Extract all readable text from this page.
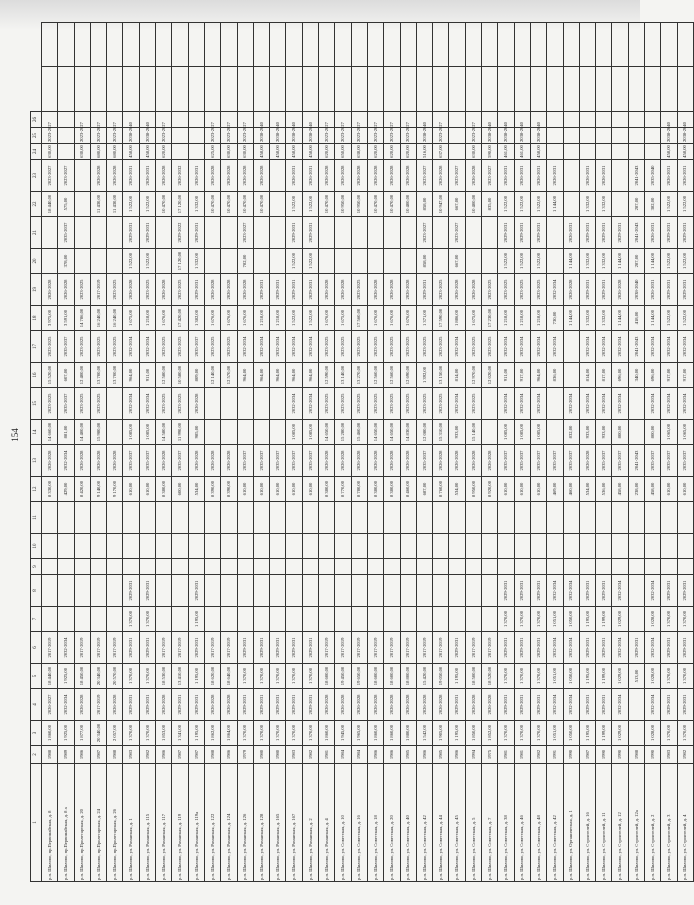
154
1	2	3	4	5	6	7	8	9	10	11	12	13	14	15	16	17	18	19	20	21	22	23	24	25	26		
р.п. Шилово, пр.Первомайская, д. 8	1988	1 860,00	2026-2027	18 440,00	2017-2019						8 330,00	2026-2028	14 660,00	2023-2025	15 520,00	2023-2025	3 975,00	2026-2028			18 440,00	2023-2027	630,00	2023-2027			
р.п. Шилово, пр.Первомайская, д. 8 а	1989	1 925,00	2032-2034	1 925,00	2032-2034						429,00	2032-2034	881,00	2035-2037	607,00	2035-2037	3 591,00	2026-2028	378,00	2035-2037	575,00	2023-2027					
р.п. Шилово, пр.Пролетарская, д. 20	1986	1 877,00	2026-2028	18 450,00	2017-2019						8 420,00	2026-2028	14 400,00	2023-2025	12 400,00	2023-2025	14 786,00	2023-2025					630,00	2023-2027			
р.п. Шилово, пр.Пролетарская, д. 24	1987	20 340,00	2017-2019	20 340,00	2017-2019						9 140,00	2026-2028	15 980,00	2023-2025	13 700,00	2023-2025	16 240,00	2017-2019			11 430,00	2026-2028	680,00	2023-2027			
р.п. Шилово, пр.Пролетарская, д. 26	1988	2 057,00	2026-2028	20 570,00	2017-2019						9 170,00	2026-2028			13 700,00	2023-2025	16 240,00	2023-2025			11 430,00	2026-2028	680,00	2023-2027			
р.п. Шилово, ул. Рязанская, д. 1	1983	1 370,00	2029-2031	1 370,00	2029-2031	1 370,00	2029-2031				610,00	2035-2037	1 085,00	2032-2034	964,00	2032-2034	1 675,00	2026-2028	1 522,00	2029-2031	1 522,00	2026-2031	458,00	2038-2040			
р.п. Шилово, ул. Рязанская, д. 115	1982	1 370,00	2029-2031	1 370,00	2029-2031	1 370,00	2029-2031				610,00	2035-2037	1 085,00	2032-2034	911,00	2032-2034	1 218,00	2023-2025	1 522,00	2029-2031	1 522,00	2026-2031	458,00	2038-2040			
р.п. Шилово, ул. Рязанская, д. 117	1986	1 853,00	2026-2028	18 530,00	2017-2019						8 380,00	2026-2028	14 580,00	2023-2025	12 580,00	2023-2025	1 676,00	2026-2028			10 470,00	2026-2028	620,00	2023-2027			
р.п. Шилово, ул. Рязанская, д. 119	1987	1 341,00	2029-2031	13 410,00	2017-2019						600,00	2035-2037	11 990,00	2023-2025	10 580,00	2023-2025	17 420,00	2023-2025	17 120,00	2029-2022	17 120,00	2026-2032					
р.п. Шилово, ул. Рязанская, д. 119а	1987	1 195,00	2029-2031	1 195,00	2029-2031	1 195,00	2029-2031				534,00	2026-2028	985,00	2026-2028	809,00	2035-2037	1 382,00	2029-2031	1 332,00	2029-2031	1 332,00	2026-2031					
р.п. Шилово, ул. Рязанская, д. 122	1988	1 862,00	2026-2028	18 620,00	2017-2019						8 390,00	2026-2028			12 140,00	2023-2025	1 676,00	2026-2028			10 470,00	2026-2028	625,00	2023-2027			
р.п. Шилово, ул. Рязанская, д. 124	1986	1 864,00	2026-2028	18 640,00	2017-2019						8 390,00	2026-2028			12 570,00	2023-2025	1 676,00	2026-2028			10 470,00	2026-2028	630,00	2023-2027			
р.п. Шилово, ул. Рязанская, д. 126	1979	1 370,00	2029-2031	1 370,00	2029-2031						610,00	2035-2037			964,00	2032-2034	1 676,00	2026-2028	782,00	2023-2027	10 470,00	2026-2028	630,00	2023-2027			
р.п. Шилово, ул. Рязанская, д. 128	1980	1 370,00	2029-2031	1 370,00	2029-2031						610,00	2035-2037			964,00	2032-2034	1 218,00	2029-2031			10 470,00	2026-2028	458,00	2038-2040			
р.п. Шилово, ул. Рязанская, д. 165	1980	1 370,00	2029-2031	1 370,00	2029-2031						610,00	2035-2037			964,00	2032-2034	1 218,00	2029-2031					458,00	2038-2040			
р.п. Шилово, ул. Рязанская, д. 167	1983	1 370,00	2029-2031	1 370,00	2029-2031						610,00	2035-2037	1 085,00	2032-2034	964,00	2032-2034	1 522,00	2029-2031	1 522,00	2029-2031	1 522,00	2026-2031	458,00	2038-2040			
р.п. Шилово, ул. Рязанская, д. 2	1982	1 370,00	2029-2031	1 370,00	2029-2031						610,00	2035-2037	1 085,00	2032-2034	964,00	2032-2034	1 522,00	2029-2031	1 522,00	2029-2031	1 522,00	2026-2031	458,00	2038-2040			
р.п. Шилово, ул. Рязанская, д. 4	1981	1 860,00	2026-2028	18 600,00	2017-2019						8 380,00	2026-2028	14 650,00	2023-2025	12 590,00	2023-2025	1 676,00	2026-2028			10 470,00	2026-2028	620,00	2023-2027			
р.п. Шилово, ул. Советская, д. 10	1984	1 945,00	2026-2028	19 450,00	2017-2019						8 770,00	2026-2028	15 280,00	2023-2025	13 140,00	2023-2025	1 675,00	2026-2028			10 950,00	2026-2028	650,00	2023-2027			
р.п. Шилово, ул. Советская, д. 16	1984	1 965,00	2026-2028	19 650,00	2017-2019						8 780,00	2026-2028	15 460,00	2023-2025	13 270,00	2023-2025	17 560,00	2023-2025			10 950,00	2026-2028	638,00	2023-2027			
р.п. Шилово, ул. Советская, д. 18	1986	1 860,00	2026-2028	18 600,00	2017-2019						8 380,00	2026-2028	14 650,00	2023-2025	12 560,00	2023-2025	1 676,00	2026-2028			10 470,00	2026-2028	620,00	2023-2027			
р.п. Шилово, ул. Советская, д. 20	1986	1 860,00	2026-2028	18 600,00	2017-2019						8 380,00	2026-2028	14 650,00	2023-2025	12 560,00	2023-2025	1 676,00	2026-2028			10 470,00	2026-2028	620,00	2023-2027			
р.п. Шилово, ул. Советская, д. 40	1985	1 880,00	2026-2028	18 800,00	2017-2019						8 460,00	2026-2028	14 830,00	2023-2025	12 690,00	2023-2025	1 676,00	2026-2028			10 400,00	2026-2028	620,00	2023-2027			
р.п. Шилово, ул. Советская, д. 42	1986	1 542,00	2026-2028	15 420,00	2017-2019						687,00	2035-2037	12 080,00	2023-2025	1 392,00	2023-2025	1 371,00	2029-2031	858,00	2023-2027	858,00	2023-2027	516,00	2038-2040			
р.п. Шилово, ул. Советская, д. 44	1985	1 905,00	2026-2028	19 050,00	2017-2019						8 760,00	2026-2028	15 310,00	2023-2025	13 150,00	2023-2025	17 590,00	2023-2025			10 947,00	2026-2028	637,00	2023-2027			
р.п. Шилово, ул. Советская, д. 45	1986	1 195,00	2029-2031	1 195,00	2029-2031						534,00	2026-2028	933,00	2032-2034	814,00	2032-2034	1 886,00	2026-2028	667,00	2023-2027	667,00	2023-2027					
р.п. Шилово, ул. Советская, д. 5	1994	1 850,00	2026-2028	18 500,00	2017-2019						8 950,00	2026-2028	15 140,00	2023-2025	12 970,00	2023-2025	1 675,00	2026-2028			10 400,00	2026-2028	630,00	2023-2027			
р.п. Шилово, ул. Советская, д. 7	1975	1 852,00	2026-2028	18 520,00	2017-2019						8 920,00	2026-2028			12 020,00	2023-2025	17 230,00	2023-2025			835,00	2023-2027	590,00	2038-2040			
р.п. Шилово, ул. Советская, д. 38	1981	1 370,00	2029-2031	1 370,00	2029-2031	1 370,00	2029-2031				610,00	2035-2037	1 085,00	2032-2034	911,00	2032-2034	1 218,00	2023-2025	1 522,00	2029-2031	1 522,00	2026-2031	461,00	2038-2040			
р.п. Шилово, ул. Советская, д. 46	1981	1 370,00	2029-2031	1 370,00	2029-2031	1 370,00	2029-2031				610,00	2035-2037	1 085,00	2032-2034	917,00	2032-2034	1 218,00	2023-2025	1 522,00	2029-2031	1 522,00	2026-2031	461,00	2038-2040			
р.п. Шилово, ул. Советская, д. 48	1982	1 370,00	2029-2031	1 370,00	2029-2031	1 370,00	2029-2031				610,00	2035-2037	1 085,00	2032-2034	964,00	2032-2034	1 218,00	2023-2025	1 522,00	2029-2031	1 522,00	2026-2031	458,00	2038-2040			
р.п. Шилово, ул. Советская, д. 42	1991	1 051,00	2032-2034	1 051,00	2032-2034	1 051,00	2032-2034				469,00	2035-2037			836,00	2032-2034	730,00	2032-2034			1 144,00	2026-2031					
р.п. Шилово, ул. Органическая, д. 1	1990	1 050,00	2032-2034	1 050,00	2032-2034	1 050,00	2032-2034				460,00	2035-2037	832,00	2032-2034			1 144,00	2026-2028	1 144,00	2026-2031							
р.п. Шилово, ул. Строителей, д. 16	1987	1 195,00	2029-2031	1 195,00	2029-2031	1 195,00	2029-2031				534,00	2026-2028	933,00	2032-2034	814,00	2032-2034	1 332,00	2029-2031	1 332,00	2029-2031	1 332,00	2026-2031					
р.п. Шилово, ул. Строителей, д. 11	1990	1 199,00	2029-2031	1 199,00	2029-2031	1 199,00	2029-2031				536,00	2035-2037	933,00	2032-2034	817,00	2032-2034	1 332,00	2029-2031	1 332,00	2029-2031	1 332,00	2026-2031					
р.п. Шилово, ул. Строителей, д. 12	1990	1 029,00	2032-2034	1 029,00	2032-2034	1 029,00	2032-2034				458,00	2035-2037	800,00	2032-2034	696,00	2032-2034	1 144,00	2026-2028	1 144,00	2029-2031							
р.п. Шилово, ул. Строителей, д. 12а	1988			513,00	2029-2031						238,00	2041-2043			340,00	2041-2043	418,00	2038-2040	287,00	2041-2043	287,00	2041-2043					
р.п. Шилово, ул. Строителей, д. 2	1990	1 028,00	2032-2034	1 028,00	2032-2034	1 028,00	2032-2034				458,00	2035-2037	800,00	2032-2034	696,00	2032-2034	1 144,00	2026-2031	1 144,00	2026-2031	382,00	2035-2040					
р.п. Шилово, ул. Строителей, д. 3	1983	1 370,00	2029-2031	1 370,00	2029-2031	1 370,00	2029-2031				610,00	2035-2037	1 065,00	2032-2034	917,00	2032-2034	1 522,00	2029-2031	1 522,00	2029-2031	1 522,00	2026-2031	458,00	2038-2040			
р.п. Шилово, ул. Строителей, д. 4	1982	1 370,00	2029-2031	1 370,00	2029-2031	1 370,00	2029-2031				610,00	2035-2037	1 065,00	2032-2034	917,00	2032-2034	1 522,00	2029-2031	1 522,00	2029-2031	1 522,00	2026-2031	458,00	2038-2040			
